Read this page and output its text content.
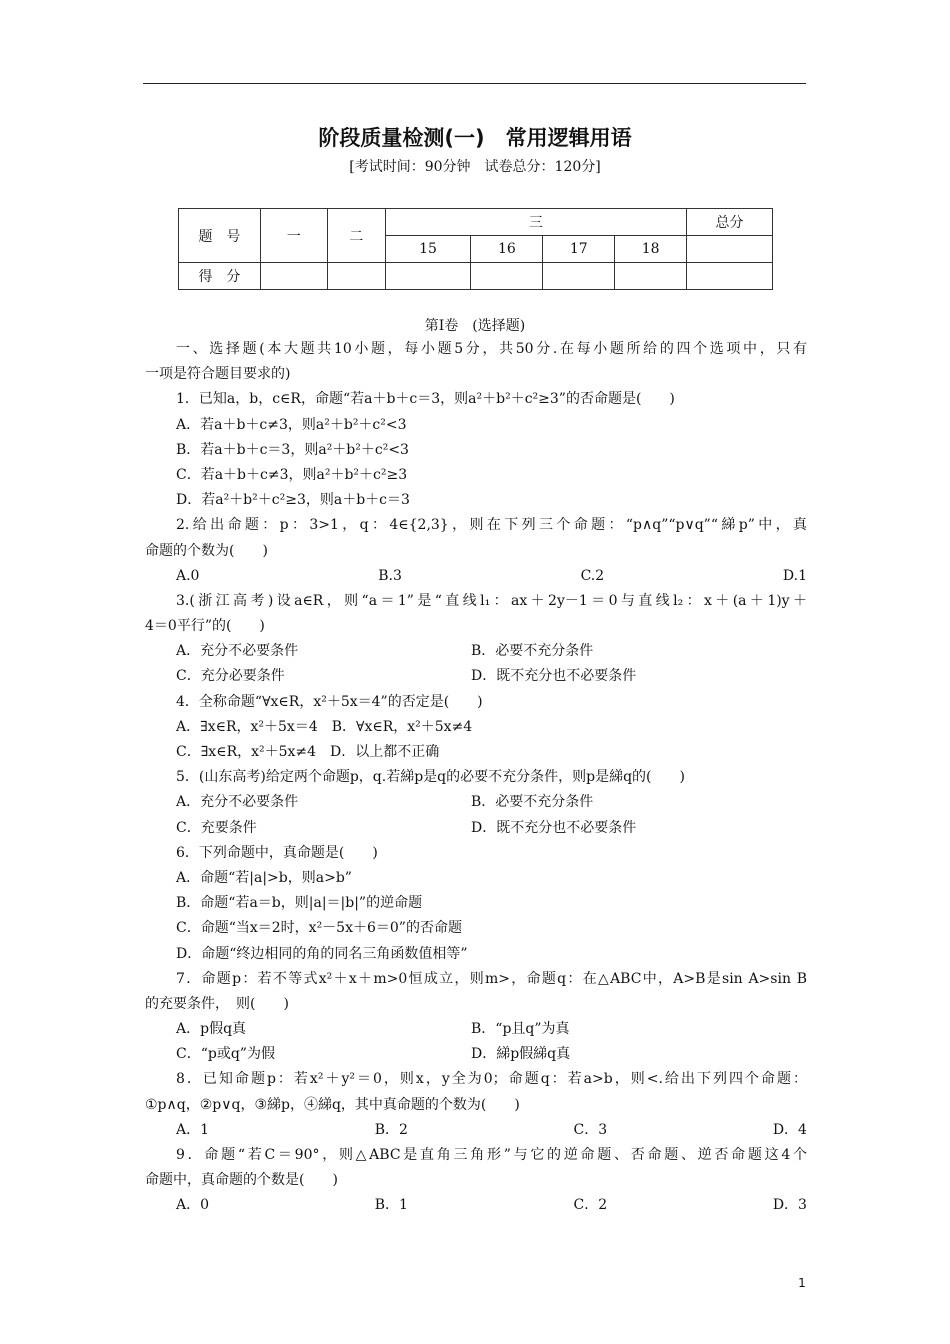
阶段质量检测(一)　常用逻辑用语
[考试时间：90分钟　试卷总分：120分]
题　号	一	二	三				总分
			15	16	17	18	
得　分							
第Ⅰ卷　(选择题)
一、选择题(本大题共10小题，每小题5分，共50分.在每小题所给的四个选项中，只有
一项是符合题目要求的)
1．已知a，b，c∈R，命题“若a＋b＋c＝3，则a²＋b²＋c²≥3”的否命题是(　　)
A．若a＋b＋c≠3，则a²＋b²＋c²<3
B．若a＋b＋c＝3，则a²＋b²＋c²<3
C．若a＋b＋c≠3，则a²＋b²＋c²≥3
D．若a²＋b²＋c²≥3，则a＋b＋c＝3
2.给出命题：p：3>1，q：4∈{2,3}，则在下列三个命题：“p∧q”“p∨q”“綈p”中，真
命题的个数为(　　)
A.0	B.3	C.2	D.1
3.(浙江高考)设a∈R，则“a＝1”是“直线l₁：ax＋2y－1＝0与直线l₂：x＋(a＋1)y＋
4＝0平行”的(　　)
A．充分不必要条件	B．必要不充分条件
C．充分必要条件	D．既不充分也不必要条件
4．全称命题“∀x∈R，x²＋5x＝4”的否定是(　　)
A．∃x∈R，x²＋5x＝4　B．∀x∈R，x²＋5x≠4
C．∃x∈R，x²＋5x≠4　D．以上都不正确
5．(山东高考)给定两个命题p，q.若綈p是q的必要不充分条件，则p是綈q的(　　)
A．充分不必要条件	B．必要不充分条件
C．充要条件	D．既不充分也不必要条件
6．下列命题中，真命题是(　　)
A．命题“若|a|>b，则a>b”
B．命题“若a＝b，则|a|＝|b|”的逆命题
C．命题“当x＝2时，x²－5x＋6＝0”的否命题
D．命题“终边相同的角的同名三角函数值相等”
7．命题p：若不等式x²＋x＋m>0恒成立，则m>，命题q：在△ABC中，A>B是sin A>sin B
的充要条件，　则(　　)
A．p假q真	B．“p且q”为真
C．“p或q”为假	D．綈p假綈q真
8．已知命题p：若x²＋y²＝0，则x，y全为0；命题q：若a>b，则<.给出下列四个命题：
①p∧q，②p∨q，③綈p，④綈q，其中真命题的个数为(　　)
A．1	B．2	C．3	D．4
9．命题“若C＝90°，则△ABC是直角三角形”与它的逆命题、否命题、逆否命题这4个
命题中，真命题的个数是(　　)
A．0	B．1	C．2	D．3
1
